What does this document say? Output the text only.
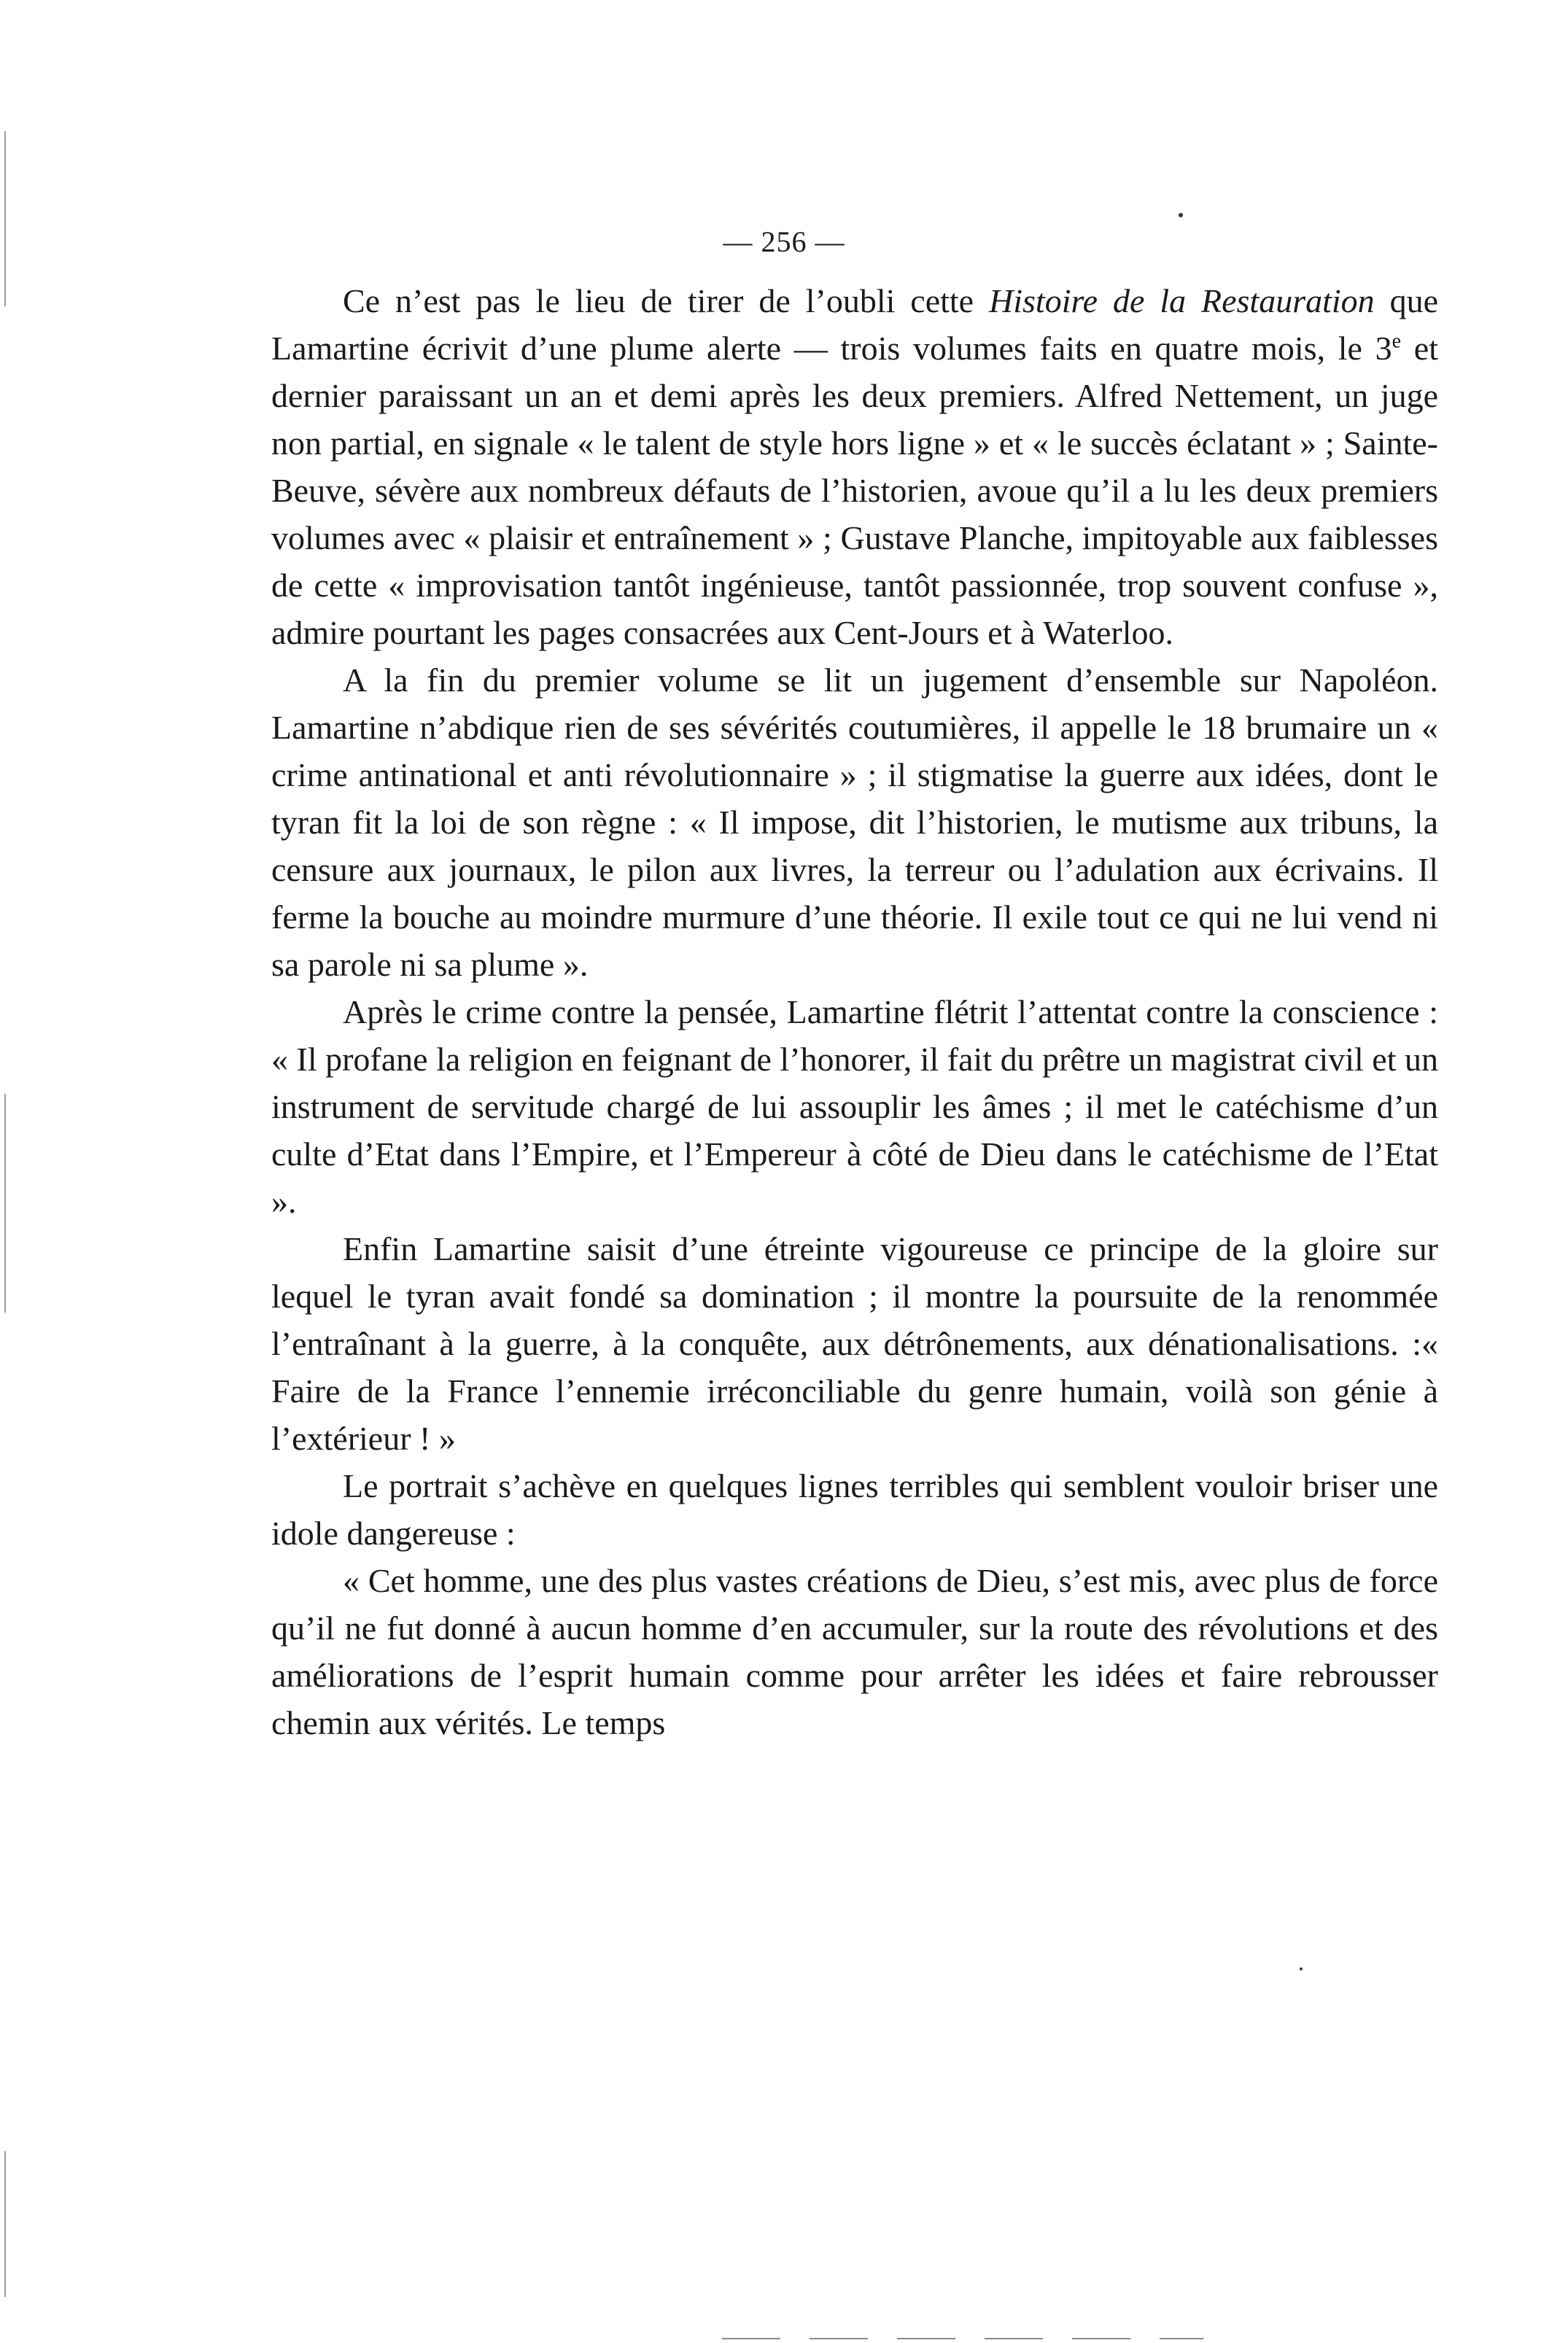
— 256 —

Ce n’est pas le lieu de tirer de l’oubli cette Histoire de la Restauration que Lamartine écrivit d’une plume alerte — trois volumes faits en quatre mois, le 3e et dernier paraissant un an et demi après les deux premiers. Alfred Nettement, un juge non partial, en signale « le talent de style hors ligne » et « le succès éclatant » ; Sainte-Beuve, sévère aux nombreux défauts de l’historien, avoue qu’il a lu les deux premiers volumes avec « plaisir et entraînement » ; Gustave Planche, impitoyable aux faiblesses de cette « improvisation tantôt ingénieuse, tantôt passionnée, trop souvent confuse », admire pourtant les pages consacrées aux Cent-Jours et à Waterloo.

A la fin du premier volume se lit un jugement d’ensemble sur Napoléon. Lamartine n’abdique rien de ses sévérités coutumières, il appelle le 18 brumaire un « crime antinational et anti révolutionnaire » ; il stigmatise la guerre aux idées, dont le tyran fit la loi de son règne : « Il impose, dit l’historien, le mutisme aux tribuns, la censure aux journaux, le pilon aux livres, la terreur ou l’adulation aux écrivains. Il ferme la bouche au moindre murmure d’une théorie. Il exile tout ce qui ne lui vend ni sa parole ni sa plume ».

Après le crime contre la pensée, Lamartine flétrit l’attentat contre la conscience : « Il profane la religion en feignant de l’honorer, il fait du prêtre un magistrat civil et un instrument de servitude chargé de lui assouplir les âmes ; il met le catéchisme d’un culte d’Etat dans l’Empire, et l’Empereur à côté de Dieu dans le catéchisme de l’Etat ».

Enfin Lamartine saisit d’une étreinte vigoureuse ce principe de la gloire sur lequel le tyran avait fondé sa domination ; il montre la poursuite de la renommée l’entraînant à la guerre, à la conquête, aux détrônements, aux dénationalisations. :« Faire de la France l’ennemie irréconciliable du genre humain, voilà son génie à l’extérieur ! »

Le portrait s’achève en quelques lignes terribles qui semblent vouloir briser une idole dangereuse :

« Cet homme, une des plus vastes créations de Dieu, s’est mis, avec plus de force qu’il ne fut donné à aucun homme d’en accumuler, sur la route des révolutions et des améliorations de l’esprit humain comme pour arrêter les idées et faire rebrousser chemin aux vérités. Le temps
